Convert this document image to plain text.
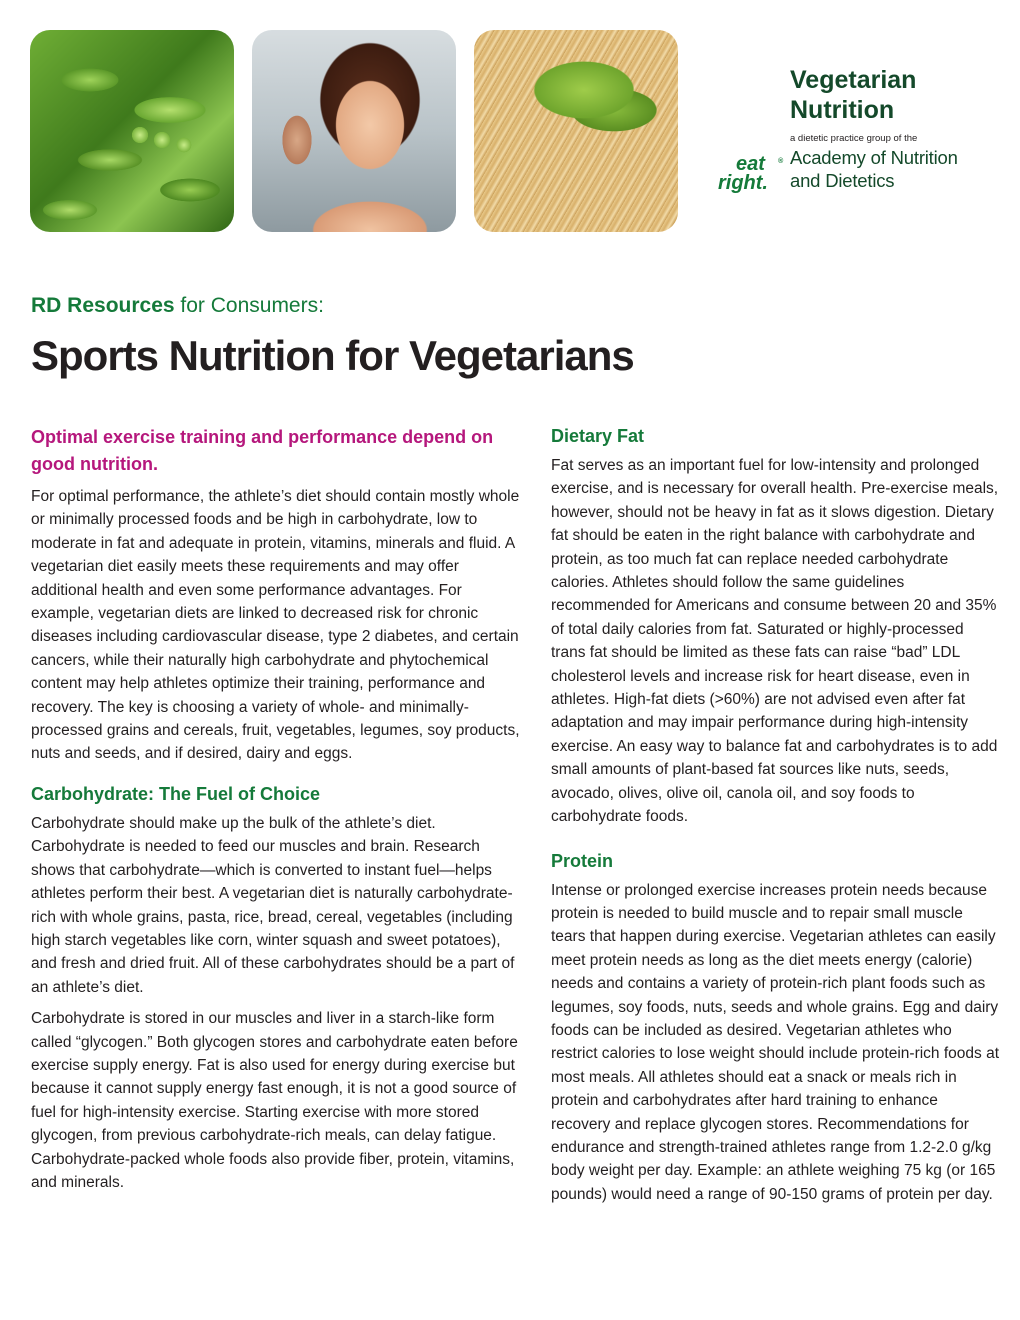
Vegetarian

Nutrition

a dietetic practice group of the

eat
right.
® Academy of Nutrition

and Dietetics

RD Resources for Consumers:

Sports Nutrition for Vegetarians
Optimal exercise training and performance depend on good nutrition.

For optimal performance, the athlete’s diet should contain mostly whole or minimally processed foods and be high in carbohydrate, low to moderate in fat and adequate in protein, vitamins, minerals and fluid. A vegetarian diet easily meets these requirements and may offer additional health and even some performance advantages. For example, vegetarian diets are linked to decreased risk for chronic diseases including cardiovascular disease, type 2 diabetes, and certain cancers, while their naturally high carbohydrate and phytochemical content may help athletes optimize their training, performance and recovery. The key is choosing a variety of whole- and minimally-processed grains and cereals, fruit, vegetables, legumes, soy products, nuts and seeds, and if desired, dairy and eggs.

Carbohydrate: The Fuel of Choice

Carbohydrate should make up the bulk of the athlete’s diet. Carbohydrate is needed to feed our muscles and brain. Research shows that carbohydrate—which is converted to instant fuel—helps athletes perform their best. A vegetarian diet is naturally carbohydrate-rich with whole grains, pasta, rice, bread, cereal, vegetables (including high starch vegetables like corn, winter squash and sweet potatoes), and fresh and dried fruit. All of these carbohydrates should be a part of an athlete’s diet.

Carbohydrate is stored in our muscles and liver in a starch-like form called “glycogen.” Both glycogen stores and carbohydrate eaten before exercise supply energy. Fat is also used for energy during exercise but because it cannot supply energy fast enough, it is not a good source of fuel for high-intensity exercise. Starting exercise with more stored glycogen, from previous carbohydrate-rich meals, can delay fatigue. Carbohydrate-packed whole foods also provide fiber, protein, vitamins, and minerals.

Dietary Fat

Fat serves as an important fuel for low-intensity and prolonged exercise, and is necessary for overall health. Pre-exercise meals, however, should not be heavy in fat as it slows digestion. Dietary fat should be eaten in the right balance with carbohydrate and protein, as too much fat can replace needed carbohydrate calories. Athletes should follow the same guidelines recommended for Americans and consume between 20 and 35% of total daily calories from fat. Saturated or highly-processed trans fat should be limited as these fats can raise “bad” LDL cholesterol levels and increase risk for heart disease, even in athletes. High-fat diets (>60%) are not advised even after fat adaptation and may impair performance during high-intensity exercise. An easy way to balance fat and carbohydrates is to add small amounts of plant-based fat sources like nuts, seeds, avocado, olives, olive oil, canola oil, and soy foods to carbohydrate foods.

Protein

Intense or prolonged exercise increases protein needs because protein is needed to build muscle and to repair small muscle tears that happen during exercise. Vegetarian athletes can easily meet protein needs as long as the diet meets energy (calorie) needs and contains a variety of protein-rich plant foods such as legumes, soy foods, nuts, seeds and whole grains. Egg and dairy foods can be included as desired. Vegetarian athletes who restrict calories to lose weight should include protein-rich foods at most meals. All athletes should eat a snack or meals rich in protein and carbohydrates after hard training to enhance recovery and replace glycogen stores. Recommendations for endurance and strength-trained athletes range from 1.2-2.0 g/kg body weight per day. Example: an athlete weighing 75 kg (or 165 pounds) would need a range of 90-150 grams of protein per day.
